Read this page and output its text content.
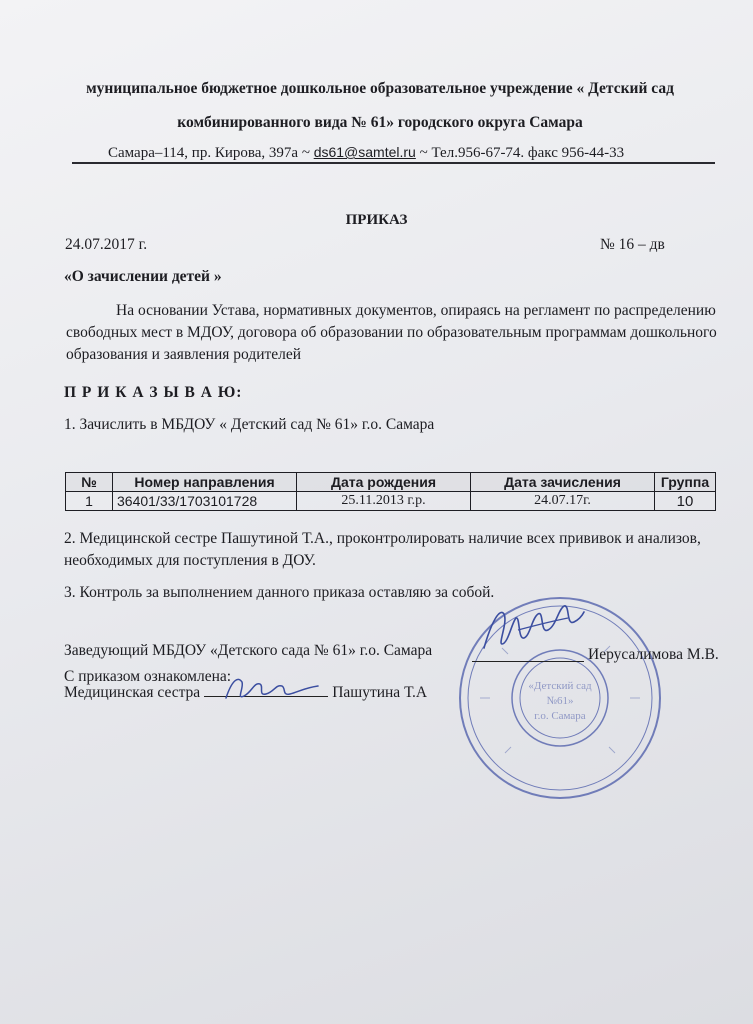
муниципальное бюджетное дошкольное образовательное учреждение « Детский сад
комбинированного вида № 61» городского округа Самара
Самара–114, пр. Кирова, 397а ~ ds61@samtel.ru ~ Тел.956-67-74. факс 956-44-33
ПРИКАЗ
24.07.2017 г.	№ 16 – дв
«О зачислении детей »
На основании Устава, нормативных документов, опираясь на регламент по распределению свободных мест в МДОУ, договора об образовании по образовательным программам дошкольного образования и заявления родителей
П Р И К А З Ы В А Ю:
1. Зачислить в МБДОУ « Детский сад № 61» г.о. Самара
№	Номер направления	Дата рождения	Дата зачисления	Группа
1	36401/33/1703101728	25.11.2013 г.р.	24.07.17г.	10
2. Медицинской сестре Пашутиной Т.А., проконтролировать наличие всех прививок и анализов, необходимых для поступления в ДОУ.
3. Контроль за выполнением данного приказа оставляю за собой.
«Детский сад
№61»
г.о. Самара
Заведующий МБДОУ «Детского сада № 61» г.о. Самара	Иерусалимова М.В.
С приказом ознакомлена:
Медицинская сестра	Пашутина Т.А
